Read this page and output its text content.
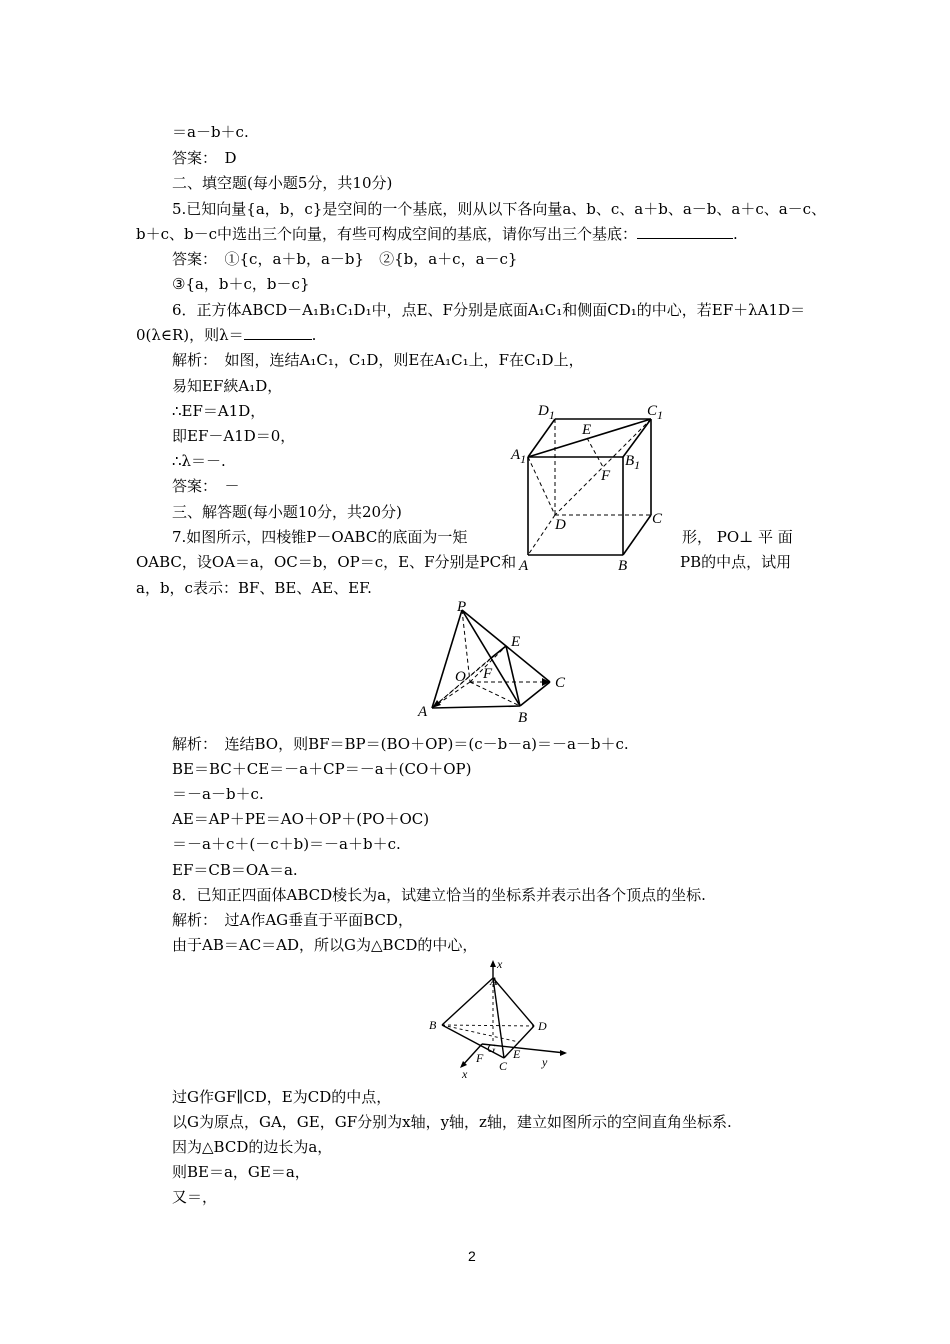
＝a－b＋c.
答案：　D
二、填空题(每小题5分，共10分)
5.已知向量{a，b，c}是空间的一个基底，则从以下各向量a、b、c、a＋b、a－b、a＋c、a－c、
b＋c、b－c中选出三个向量，有些可构成空间的基底，请你写出三个基底：	.
答案：　①{c，a＋b，a－b}　②{b，a＋c，a－c}
③{a，b＋c，b－c}
6．正方体ABCD－A₁B₁C₁D₁中，点E、F分别是底面A₁C₁和侧面CD₁的中心，若EF＋λA1D＝
0(λ∈R)，则λ＝	.
解析：　如图，连结A₁C₁，C₁D，则E在A₁C₁上，F在C₁D上，
易知EF綊A₁D，
∴EF＝A1D，
即EF－A1D＝0，
∴λ＝－.
答案：　－
三、解答题(每小题10分，共20分)
7.如图所示，四棱锥P－OABC的底面为一矩	形， PO⊥ 平 面
OABC，设OA＝a，OC＝b，OP＝c，E、F分别是PC和	PB的中点，试用
a，b，c表示：BF、BE、AE、EF.
$D_1$	$C_1$
$A_1$	$B_1$
E
F
D	C
A	B
P
E
O F
C
A	B
解析：　连结BO，则BF＝BP＝(BO＋OP)＝(c－b－a)＝－a－b＋c.
BE＝BC＋CE＝－a＋CP＝－a＋(CO＋OP)
＝－a－b＋c.
AE＝AP＋PE＝AO＋OP＋(PO＋OC)
＝－a＋c＋(－c＋b)＝－a＋b＋c.
EF＝CB＝OA＝a.
8．已知正四面体ABCD棱长为a，试建立恰当的坐标系并表示出各个顶点的坐标.
解析：　过A作AG垂直于平面BCD，
由于AB＝AC＝AD，所以G为△BCD的中心，
x
A
B	D
G
F E
C
x
y
过G作GF∥CD，E为CD的中点，
以G为原点，GA，GE，GF分别为x轴，y轴，z轴，建立如图所示的空间直角坐标系.
因为△BCD的边长为a，
则BE＝a，GE＝a，
又＝，
2
